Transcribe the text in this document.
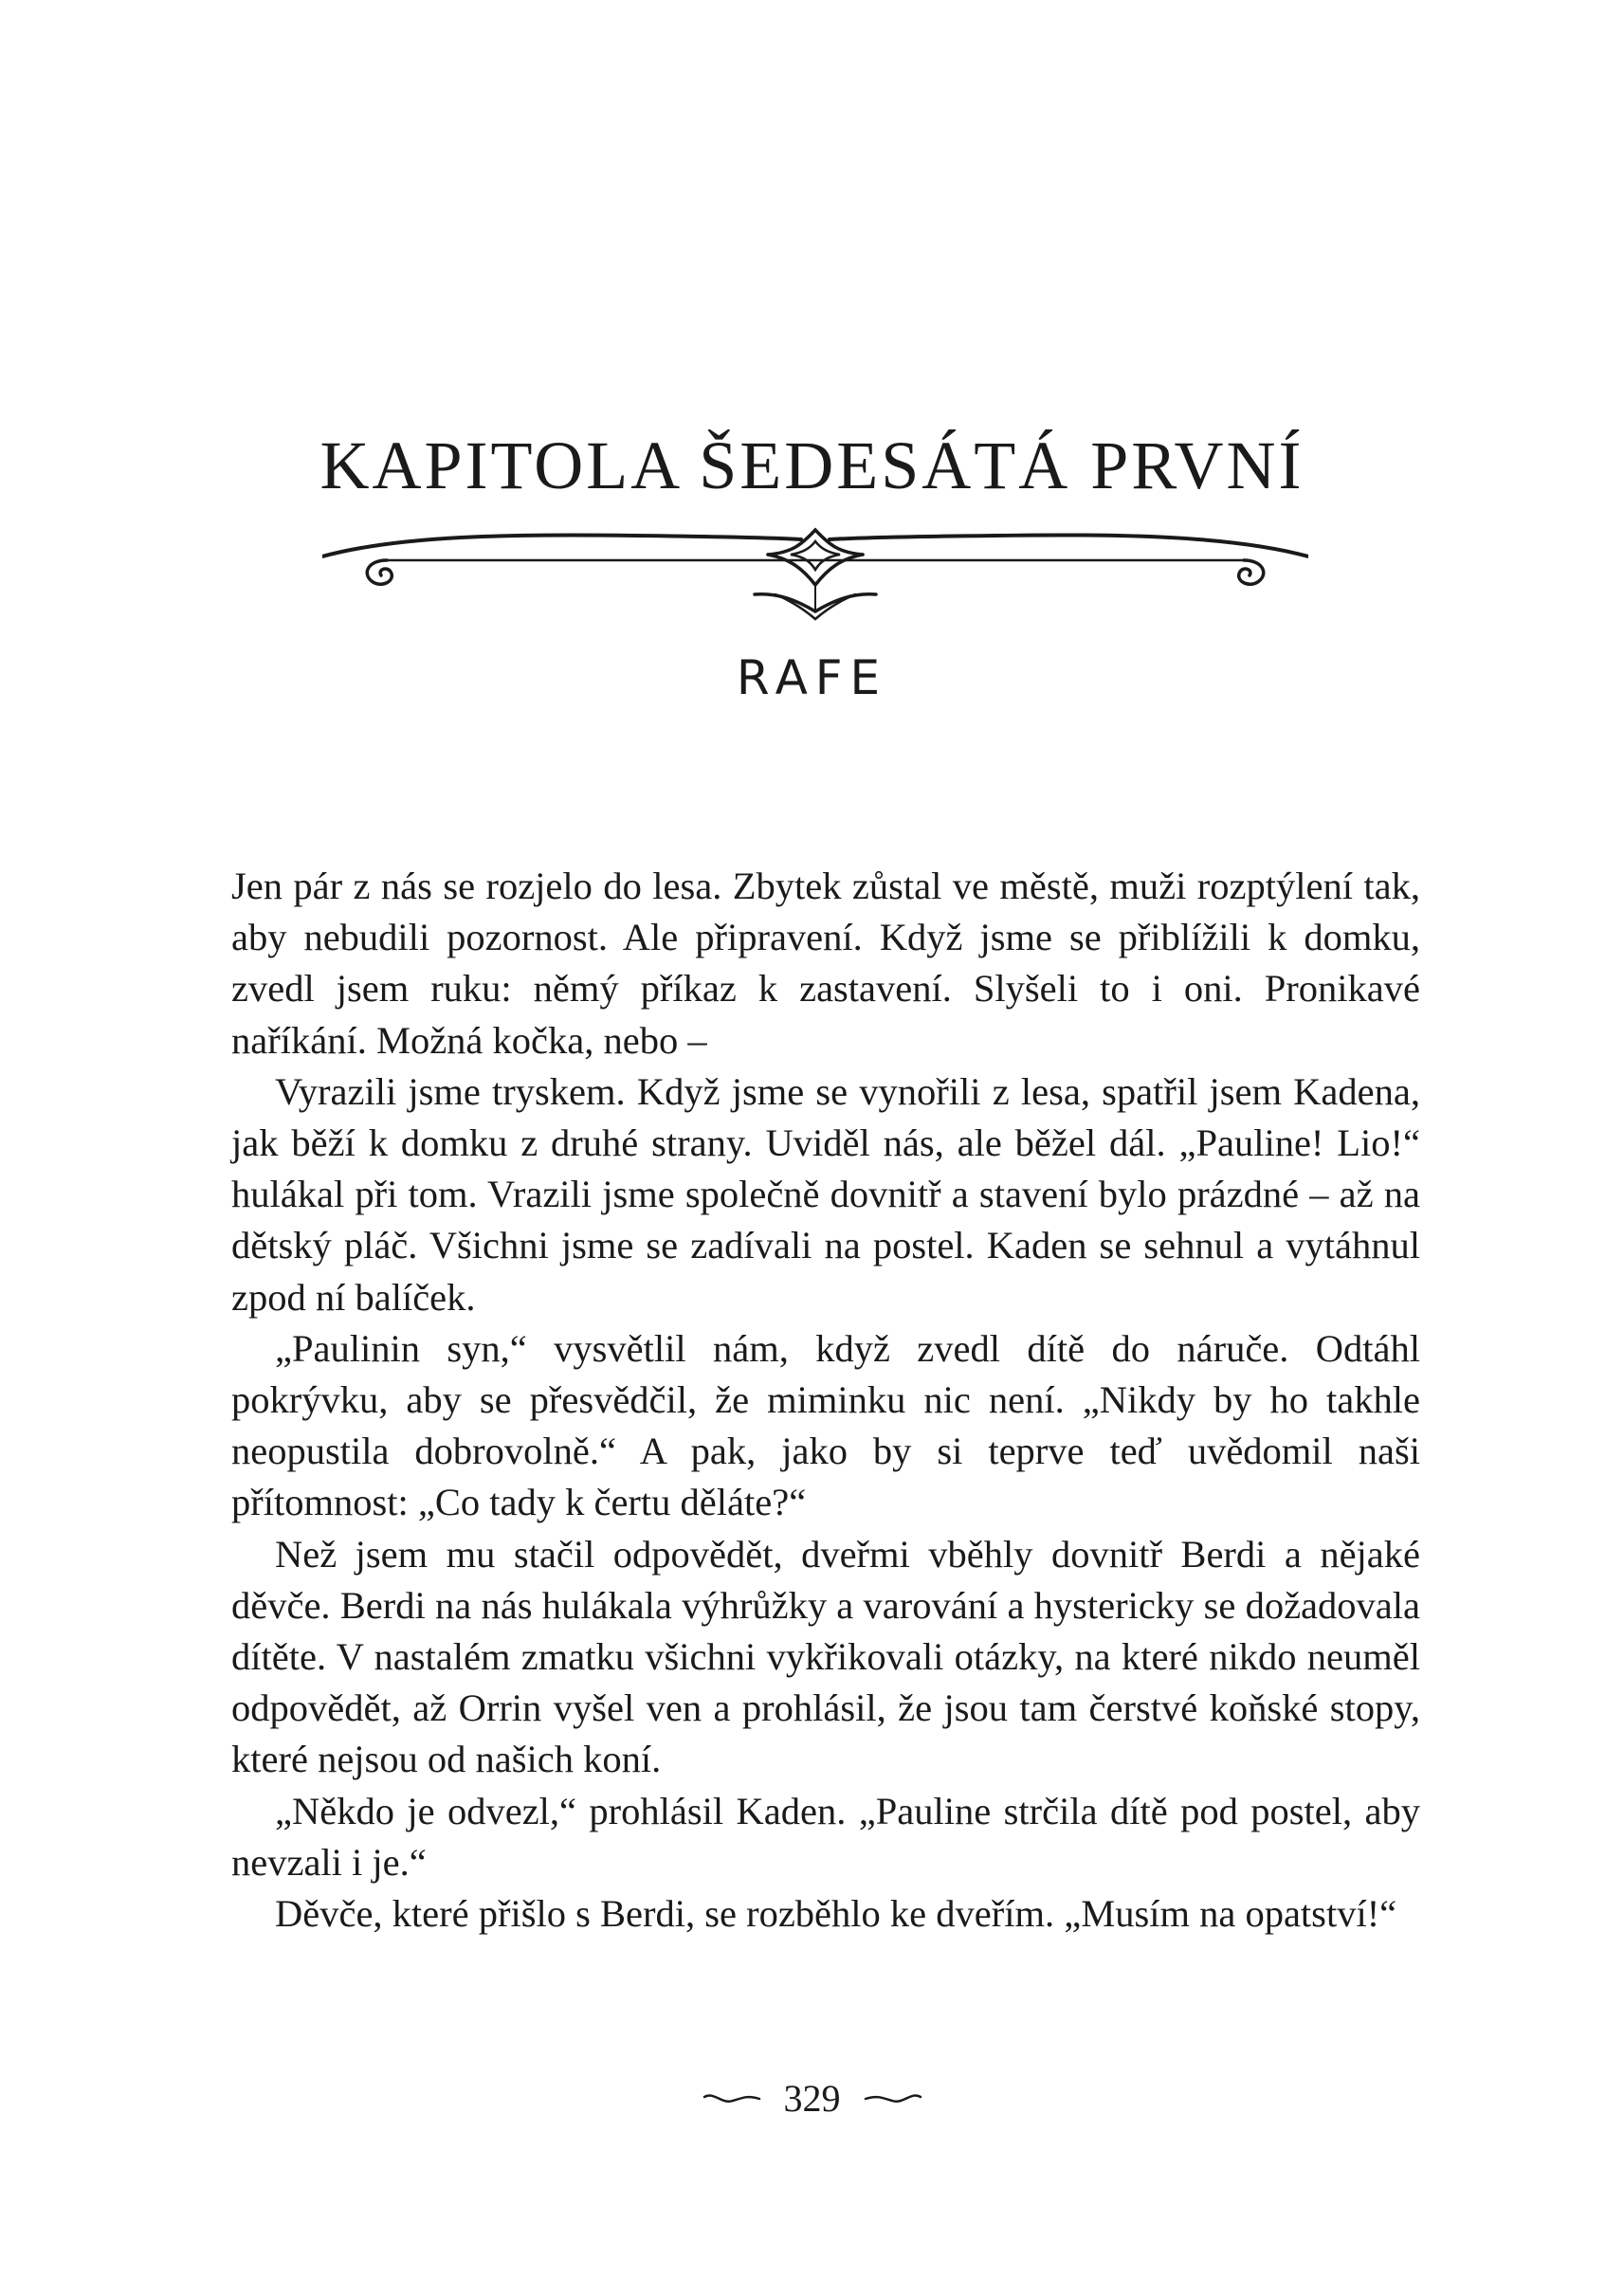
KAPITOLA ŠEDESÁTÁ PRVNÍ
RAFE

Jen pár z nás se rozjelo do lesa. Zbytek zůstal ve městě, muži rozptýlení tak, aby nebudili pozornost. Ale připravení. Když jsme se přiblížili k domku, zvedl jsem ruku: němý příkaz k zastavení. Slyšeli to i oni. Pronikavé naříkání. Možná kočka, nebo –

Vyrazili jsme tryskem. Když jsme se vynořili z lesa, spatřil jsem Kadena, jak běží k domku z druhé strany. Uviděl nás, ale běžel dál. „Pauline! Lio!“ hulákal při tom. Vrazili jsme společně dovnitř a stavení bylo prázdné – až na dětský pláč. Všichni jsme se zadívali na postel. Kaden se sehnul a vytáhnul zpod ní balíček.

„Paulinin syn,“ vysvětlil nám, když zvedl dítě do náruče. Odtáhl pokrývku, aby se přesvědčil, že miminku nic není. „Nikdy by ho takhle neopustila dobrovolně.“ A pak, jako by si teprve teď uvědomil naši přítomnost: „Co tady k čertu děláte?“

Než jsem mu stačil odpovědět, dveřmi vběhly dovnitř Berdi a nějaké děvče. Berdi na nás hulákala výhrůžky a varování a hystericky se dožadovala dítěte. V nastalém zmatku všichni vykřikovali otázky, na které nikdo neuměl odpovědět, až Orrin vyšel ven a prohlásil, že jsou tam čerstvé koňské stopy, které nejsou od našich koní.

„Někdo je odvezl,“ prohlásil Kaden. „Pauline strčila dítě pod postel, aby nevzali i je.“

Děvče, které přišlo s Berdi, se rozběhlo ke dveřím. „Musím na opatství!“

329
